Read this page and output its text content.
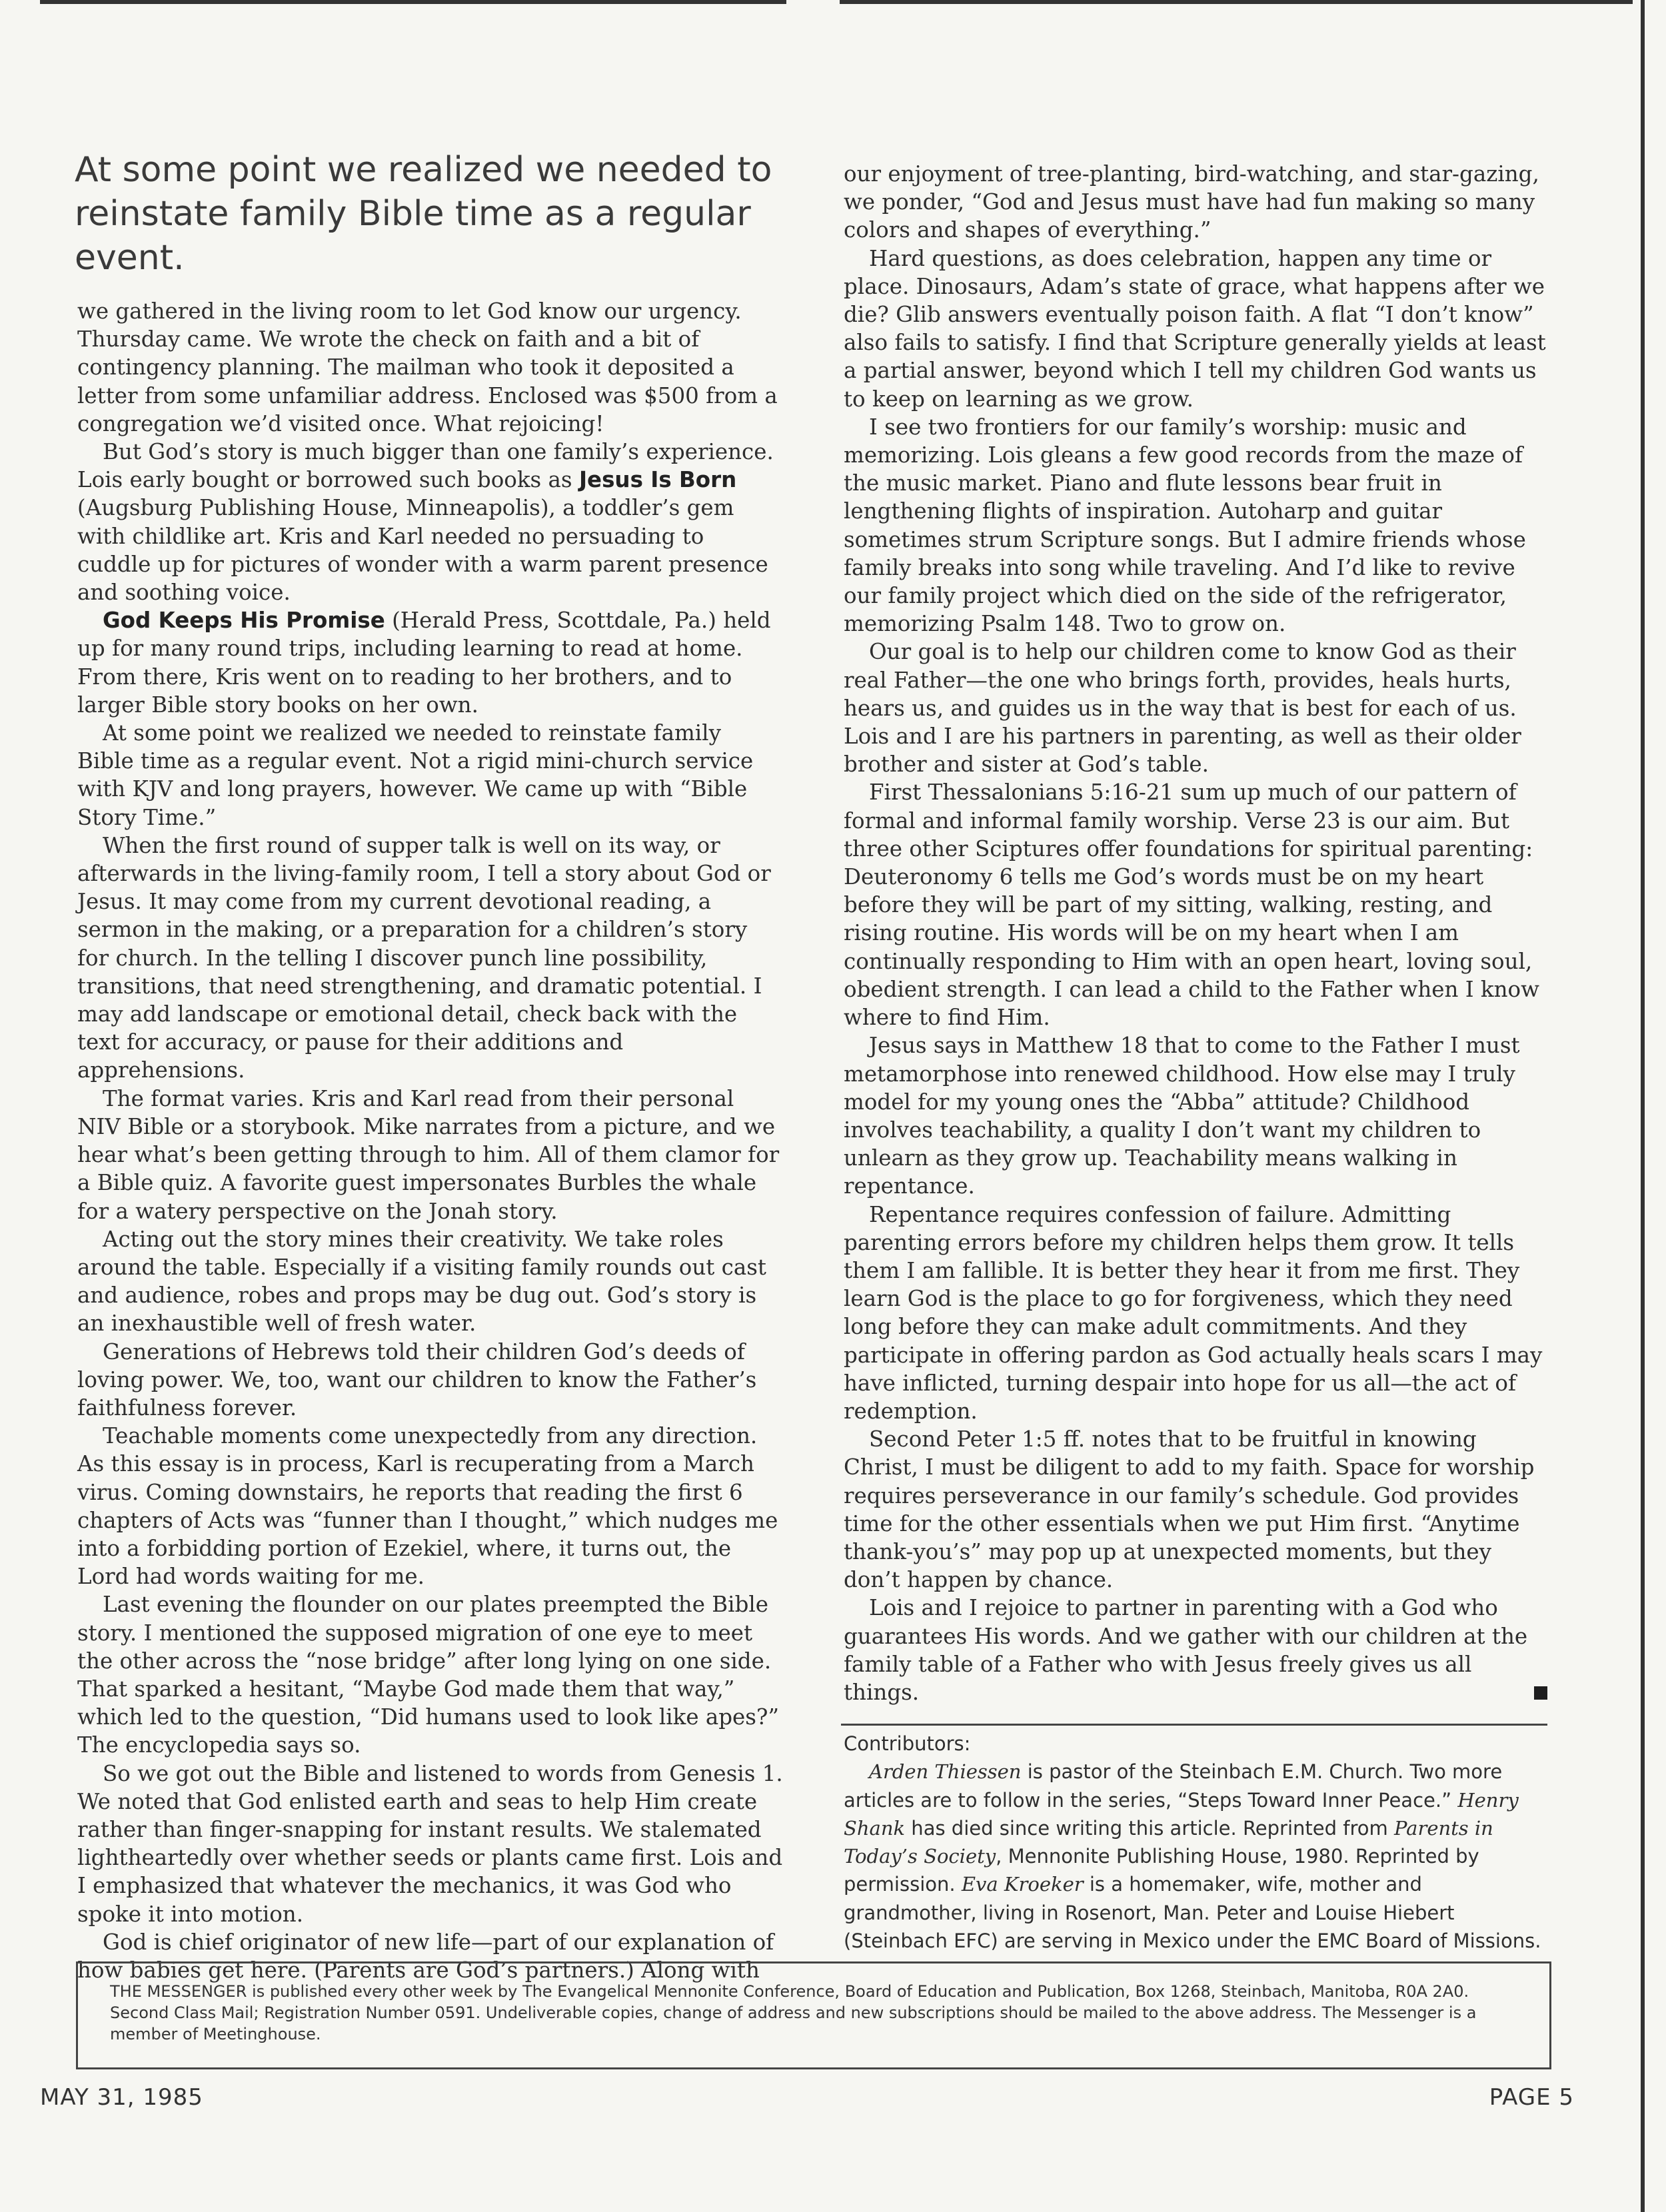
At some point we realized we needed to reinstate family Bible time as a regular event.

we gathered in the living room to let God know our urgency. Thursday came. We wrote the check on faith and a bit of contingency planning. The mailman who took it deposited a letter from some unfamiliar address. Enclosed was $500 from a congregation we’d visited once. What rejoicing!

But God’s story is much bigger than one family’s experience. Lois early bought or borrowed such books as Jesus Is Born (Augsburg Publishing House, Minneapolis), a toddler’s gem with childlike art. Kris and Karl needed no persuading to cuddle up for pictures of wonder with a warm parent presence and soothing voice.

God Keeps His Promise (Herald Press, Scottdale, Pa.) held up for many round trips, including learning to read at home. From there, Kris went on to reading to her brothers, and to larger Bible story books on her own.

At some point we realized we needed to reinstate family Bible time as a regular event. Not a rigid mini-church service with KJV and long prayers, however. We came up with “Bible Story Time.”

When the first round of supper talk is well on its way, or afterwards in the living-family room, I tell a story about God or Jesus. It may come from my current devotional reading, a sermon in the making, or a preparation for a children’s story for church. In the telling I discover punch line possibility, transitions, that need strengthening, and dramatic potential. I may add landscape or emotional detail, check back with the text for accuracy, or pause for their additions and apprehensions.

The format varies. Kris and Karl read from their personal NIV Bible or a storybook. Mike narrates from a picture, and we hear what’s been getting through to him. All of them clamor for a Bible quiz. A favorite guest impersonates Burbles the whale for a watery perspective on the Jonah story.

Acting out the story mines their creativity. We take roles around the table. Especially if a visiting family rounds out cast and audience, robes and props may be dug out. God’s story is an inexhaustible well of fresh water.

Generations of Hebrews told their children God’s deeds of loving power. We, too, want our children to know the Father’s faithfulness forever.

Teachable moments come unexpectedly from any direction. As this essay is in process, Karl is recuperating from a March virus. Coming downstairs, he reports that reading the first 6 chapters of Acts was “funner than I thought,” which nudges me into a forbidding portion of Ezekiel, where, it turns out, the Lord had words waiting for me.

Last evening the flounder on our plates preempted the Bible story. I mentioned the supposed migration of one eye to meet the other across the “nose bridge” after long lying on one side. That sparked a hesitant, “Maybe God made them that way,” which led to the question, “Did humans used to look like apes?” The encyclopedia says so.

So we got out the Bible and listened to words from Genesis 1. We noted that God enlisted earth and seas to help Him create rather than finger-snapping for instant results. We stalemated lightheartedly over whether seeds or plants came first. Lois and I emphasized that whatever the mechanics, it was God who spoke it into motion.

God is chief originator of new life—part of our explanation of how babies get here. (Parents are God’s partners.) Along with

our enjoyment of tree-planting, bird-watching, and star-gazing, we ponder, “God and Jesus must have had fun making so many colors and shapes of everything.”

Hard questions, as does celebration, happen any time or place. Dinosaurs, Adam’s state of grace, what happens after we die? Glib answers eventually poison faith. A flat “I don’t know” also fails to satisfy. I find that Scripture generally yields at least a partial answer, beyond which I tell my children God wants us to keep on learning as we grow.

I see two frontiers for our family’s worship: music and memorizing. Lois gleans a few good records from the maze of the music market. Piano and flute lessons bear fruit in lengthening flights of inspiration. Autoharp and guitar sometimes strum Scripture songs. But I admire friends whose family breaks into song while traveling. And I’d like to revive our family project which died on the side of the refrigerator, memorizing Psalm 148. Two to grow on.

Our goal is to help our children come to know God as their real Father—the one who brings forth, provides, heals hurts, hears us, and guides us in the way that is best for each of us. Lois and I are his partners in parenting, as well as their older brother and sister at God’s table.

First Thessalonians 5:16-21 sum up much of our pattern of formal and informal family worship. Verse 23 is our aim. But three other Sciptures offer foundations for spiritual parenting: Deuteronomy 6 tells me God’s words must be on my heart before they will be part of my sitting, walking, resting, and rising routine. His words will be on my heart when I am continually responding to Him with an open heart, loving soul, obedient strength. I can lead a child to the Father when I know where to find Him.

Jesus says in Matthew 18 that to come to the Father I must metamorphose into renewed childhood. How else may I truly model for my young ones the “Abba” attitude? Childhood involves teachability, a quality I don’t want my children to unlearn as they grow up. Teachability means walking in repentance.

Repentance requires confession of failure. Admitting parenting errors before my children helps them grow. It tells them I am fallible. It is better they hear it from me first. They learn God is the place to go for forgiveness, which they need long before they can make adult commitments. And they participate in offering pardon as God actually heals scars I may have inflicted, turning despair into hope for us all—the act of redemption.

Second Peter 1:5 ff. notes that to be fruitful in knowing Christ, I must be diligent to add to my faith. Space for worship requires perseverance in our family’s schedule. God provides time for the other essentials when we put Him first. “Anytime thank-you’s” may pop up at unexpected moments, but they don’t happen by chance.

Lois and I rejoice to partner in parenting with a God who guarantees His words. And we gather with our children at the family table of a Father who with Jesus freely gives us all things.

Contributors:

Arden Thiessen is pastor of the Steinbach E.M. Church. Two more articles are to follow in the series, “Steps Toward Inner Peace.” Henry Shank has died since writing this article. Reprinted from Parents in Today’s Society, Mennonite Publishing House, 1980. Reprinted by permission. Eva Kroeker is a homemaker, wife, mother and grandmother, living in Rosenort, Man. Peter and Louise Hiebert (Steinbach EFC) are serving in Mexico under the EMC Board of Missions.

THE MESSENGER is published every other week by The Evangelical Mennonite Conference, Board of Education and Publication, Box 1268, Steinbach, Manitoba, R0A 2A0. Second Class Mail; Registration Number 0591. Undeliverable copies, change of address and new subscriptions should be mailed to the above address. The Messenger is a member of Meetinghouse.
MAY 31, 1985	PAGE 5
